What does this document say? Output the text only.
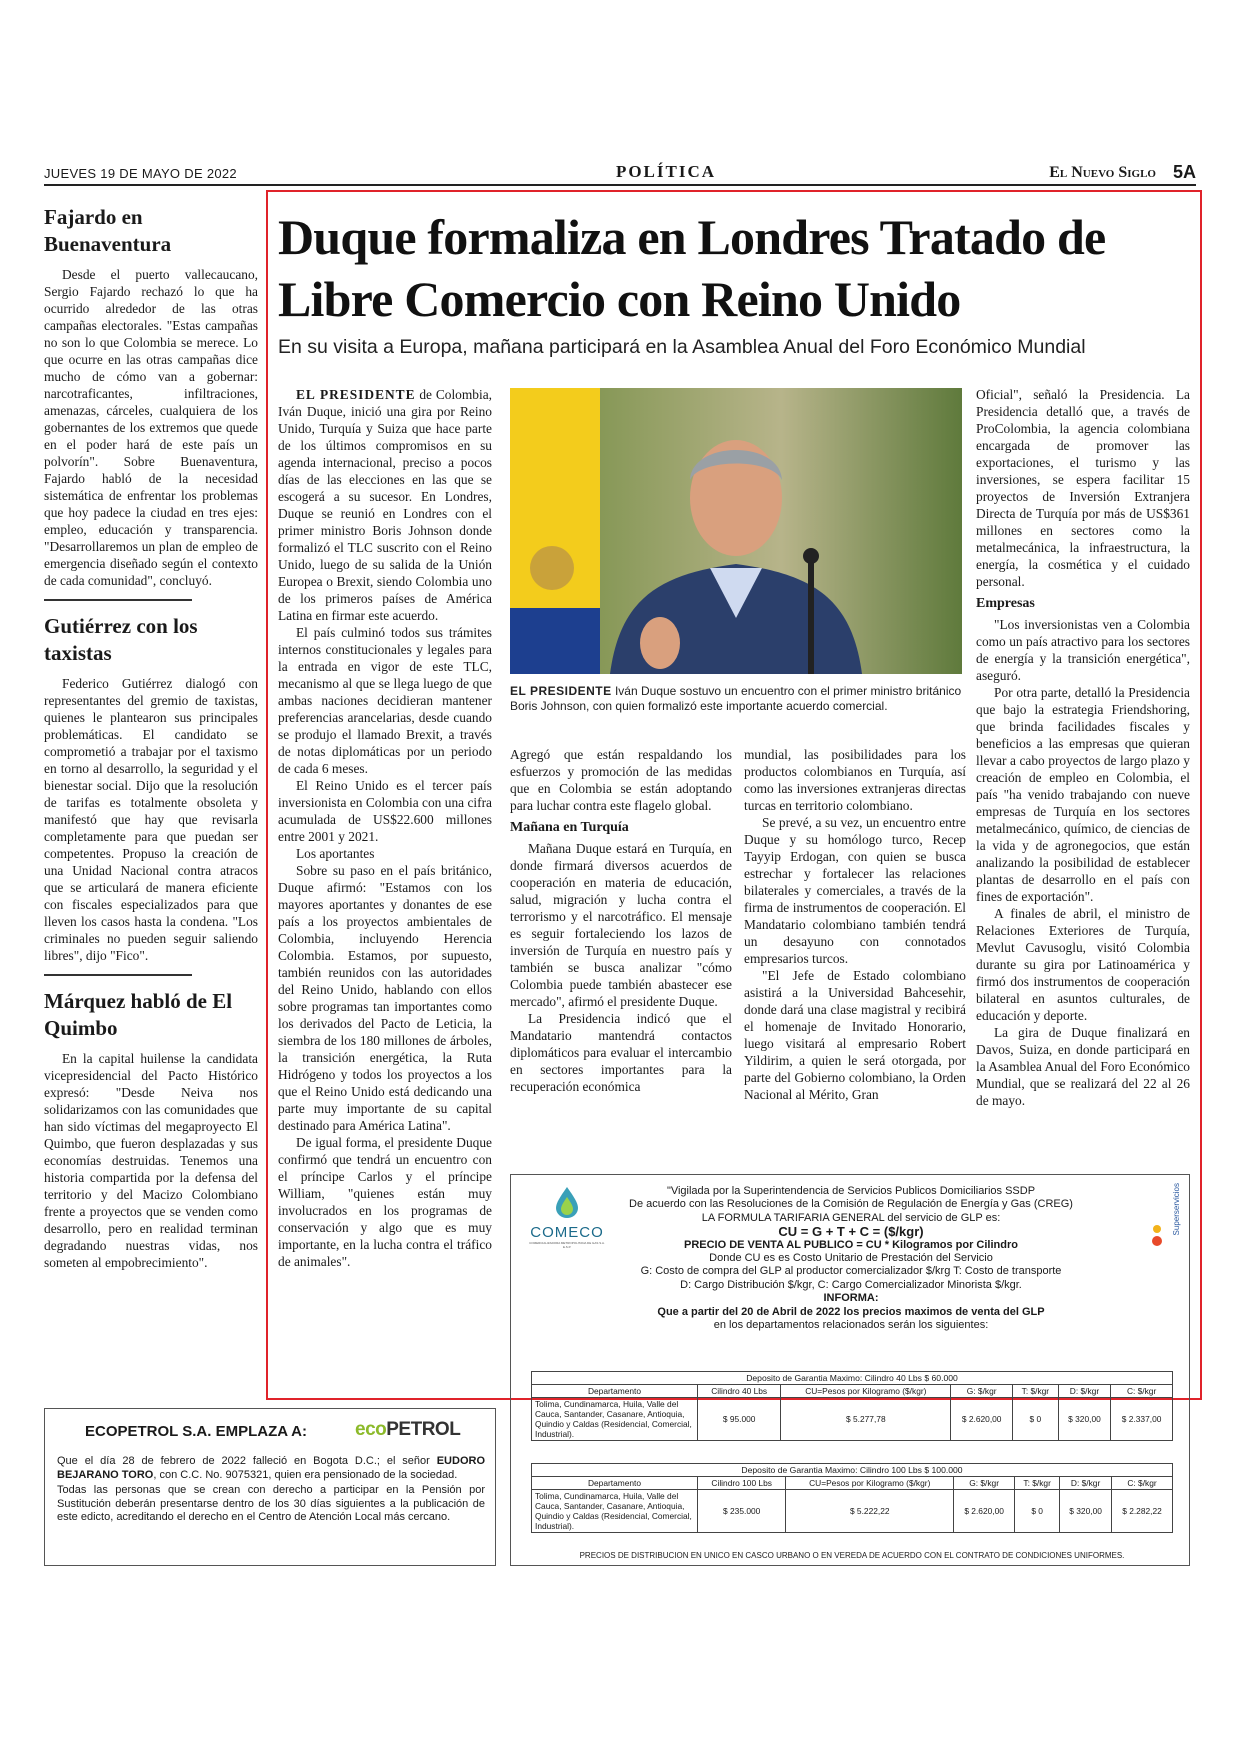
JUEVES 19 DE MAYO DE 2022	POLÍTICA	El Nuevo Siglo 5A
Fajardo en Buenaventura

Desde el puerto vallecaucano, Sergio Fajardo rechazó lo que ha ocurrido alrededor de las otras campañas electorales. "Estas campañas no son lo que Colombia se merece. Lo que ocurre en las otras campañas dice mucho de cómo van a gobernar: narcotraficantes, infiltraciones, amenazas, cárceles, cualquiera de los gobernantes de los extremos que quede en el poder hará de este país un polvorín". Sobre Buenaventura, Fajardo habló de la necesidad sistemática de enfrentar los problemas que hoy padece la ciudad en tres ejes: empleo, educación y transparencia. "Desarrollaremos un plan de empleo de emergencia diseñado según el contexto de cada comunidad", concluyó.

Gutiérrez con los taxistas

Federico Gutiérrez dialogó con representantes del gremio de taxistas, quienes le plantearon sus principales problemáticas. El candidato se comprometió a trabajar por el taxismo en torno al desarrollo, la seguridad y el bienestar social. Dijo que la resolución de tarifas es totalmente obsoleta y manifestó que hay que revisarla completamente para que puedan ser competentes. Propuso la creación de una Unidad Nacional contra atracos que se articulará de manera eficiente con fiscales especializados para que lleven los casos hasta la condena. "Los criminales no pueden seguir saliendo libres", dijo "Fico".

Márquez habló de El Quimbo

En la capital huilense la candidata vicepresidencial del Pacto Histórico expresó: "Desde Neiva nos solidarizamos con las comunidades que han sido víctimas del megaproyecto El Quimbo, que fueron desplazadas y sus economías destruidas. Tenemos una historia compartida por la defensa del territorio y del Macizo Colombiano frente a proyectos que se venden como desarrollo, pero en realidad terminan degradando nuestras vidas, nos someten al empobrecimiento".

Duque formaliza en Londres Tratado de Libre Comercio con Reino Unido
En su visita a Europa, mañana participará en la Asamblea Anual del Foro Económico Mundial

EL PRESIDENTE de Colombia, Iván Duque, inició una gira por Reino Unido, Turquía y Suiza que hace parte de los últimos compromisos en su agenda internacional, preciso a pocos días de las elecciones en las que se escogerá a su sucesor. En Londres, Duque se reunió en Londres con el primer ministro Boris Johnson donde formalizó el TLC suscrito con el Reino Unido, luego de su salida de la Unión Europea o Brexit, siendo Colombia uno de los primeros países de América Latina en firmar este acuerdo.

El país culminó todos sus trámites internos constitucionales y legales para la entrada en vigor de este TLC, mecanismo al que se llega luego de que ambas naciones decidieran mantener preferencias arancelarias, desde cuando se produjo el llamado Brexit, a través de notas diplomáticas por un periodo de cada 6 meses.

El Reino Unido es el tercer país inversionista en Colombia con una cifra acumulada de US$22.600 millones entre 2001 y 2021.

Los aportantes

Sobre su paso en el país británico, Duque afirmó: "Estamos con los mayores aportantes y donantes de ese país a los proyectos ambientales de Colombia, incluyendo Herencia Colombia. Estamos, por supuesto, también reunidos con las autoridades del Reino Unido, hablando con ellos sobre programas tan importantes como los derivados del Pacto de Leticia, la siembra de los 180 millones de árboles, la transición energética, la Ruta Hidrógeno y todos los proyectos a los que el Reino Unido está dedicando una parte muy importante de su capital destinado para América Latina".

De igual forma, el presidente Duque confirmó que tendrá un encuentro con el príncipe Carlos y el príncipe William, "quienes están muy involucrados en los programas de conservación y algo que es muy importante, en la lucha contra el tráfico de animales".

EL PRESIDENTE Iván Duque sostuvo un encuentro con el primer ministro británico Boris Johnson, con quien formalizó este importante acuerdo comercial.

Agregó que están respaldando los esfuerzos y promoción de las medidas que en Colombia se están adoptando para luchar contra este flagelo global.

Mañana en Turquía

Mañana Duque estará en Turquía, en donde firmará diversos acuerdos de cooperación en materia de educación, salud, migración y lucha contra el terrorismo y el narcotráfico. El mensaje es seguir fortaleciendo los lazos de inversión de Turquía en nuestro país y también se busca analizar "cómo Colombia puede también abastecer ese mercado", afirmó el presidente Duque.

La Presidencia indicó que el Mandatario mantendrá contactos diplomáticos para evaluar el intercambio en sectores importantes para la recuperación económica

mundial, las posibilidades para los productos colombianos en Turquía, así como las inversiones extranjeras directas turcas en territorio colombiano.

Se prevé, a su vez, un encuentro entre Duque y su homólogo turco, Recep Tayyip Erdogan, con quien se busca estrechar y fortalecer las relaciones bilaterales y comerciales, a través de la firma de instrumentos de cooperación. El Mandatario colombiano también tendrá un desayuno con connotados empresarios turcos.

"El Jefe de Estado colombiano asistirá a la Universidad Bahcesehir, donde dará una clase magistral y recibirá el homenaje de Invitado Honorario, luego visitará al empresario Robert Yildirim, a quien le será otorgada, por parte del Gobierno colombiano, la Orden Nacional al Mérito, Gran

Oficial", señaló la Presidencia. La Presidencia detalló que, a través de ProColombia, la agencia colombiana encargada de promover las exportaciones, el turismo y las inversiones, se espera facilitar 15 proyectos de Inversión Extranjera Directa de Turquía por más de US$361 millones en sectores como la metalmecánica, la infraestructura, la energía, la cosmética y el cuidado personal.

Empresas

"Los inversionistas ven a Colombia como un país atractivo para los sectores de energía y la transición energética", aseguró.

Por otra parte, detalló la Presidencia que bajo la estrategia Friendshoring, que brinda facilidades fiscales y beneficios a las empresas que quieran llevar a cabo proyectos de largo plazo y creación de empleo en Colombia, el país "ha venido trabajando con nueve empresas de Turquía en los sectores metalmecánico, químico, de ciencias de la vida y de agronegocios, que están analizando la posibilidad de establecer plantas de desarrollo en el país con fines de exportación".

A finales de abril, el ministro de Relaciones Exteriores de Turquía, Mevlut Cavusoglu, visitó Colombia durante su gira por Latinoamérica y firmó dos instrumentos de cooperación bilateral en asuntos culturales, de educación y deporte.

La gira de Duque finalizará en Davos, Suiza, en donde participará en la Asamblea Anual del Foro Económico Mundial, que se realizará del 22 al 26 de mayo.

COMECO
COMERCIALIZADORA METROPOLITANA DE GAS S.A. E.S.P.
Superservicios
"Vigilada por la Superintendencia de Servicios Publicos Domiciliarios SSDP
De acuerdo con las Resoluciones de la Comisión de Regulación de Energía y Gas (CREG)
LA FORMULA TARIFARIA GENERAL del servicio de GLP es:
CU = G + T + C = ($/kgr)
PRECIO DE VENTA AL PUBLICO = CU * Kilogramos por Cilindro
Donde CU es es Costo Unitario de Prestación del Servicio
G: Costo de compra del GLP al productor comercializador $/krg T: Costo de transporte
D: Cargo Distribución $/kgr, C: Cargo Comercializador Minorista $/kgr.
INFORMA:
Que a partir del 20 de Abril de 2022 los precios maximos de venta del GLP
en los departamentos relacionados serán los siguientes:
Deposito de Garantia Maximo: Cilindro 40 Lbs $ 60.000						
Departamento	Cilindro 40 Lbs	CU=Pesos por Kilogramo ($/kgr)	G: $/kgr	T: $/kgr	D: $/kgr	C: $/kgr
Tolima, Cundinamarca, Huila, Valle del Cauca, Santander, Casanare, Antioquia, Quindio y Caldas (Residencial, Comercial, Industrial).	$ 95.000	$ 5.277,78	$ 2.620,00	$ 0	$ 320,00	$ 2.337,00
Deposito de Garantia Maximo: Cilindro 100 Lbs $ 100.000						
Departamento	Cilindro 100 Lbs	CU=Pesos por Kilogramo ($/kgr)	G: $/kgr	T: $/kgr	D: $/kgr	C: $/kgr
Tolima, Cundinamarca, Huila, Valle del Cauca, Santander, Casanare, Antioquia, Quindio y Caldas (Residencial, Comercial, Industrial).	$ 235.000	$ 5.222,22	$ 2.620,00	$ 0	$ 320,00	$ 2.282,22
PRECIOS DE DISTRIBUCION EN UNICO EN CASCO URBANO O EN VEREDA DE ACUERDO CON EL CONTRATO DE CONDICIONES UNIFORMES.
ECOPETROL S.A. EMPLAZA A:	ecoPETROL

Que el día 28 de febrero de 2022 falleció en Bogota D.C.; el señor EUDORO BEJARANO TORO, con C.C. No. 9075321, quien era pensionado de la sociedad.

Todas las personas que se crean con derecho a participar en la Pensión por Sustitución deberán presentarse dentro de los 30 días siguientes a la publicación de este edicto, acreditando el derecho en el Centro de Atención Local más cercano.
